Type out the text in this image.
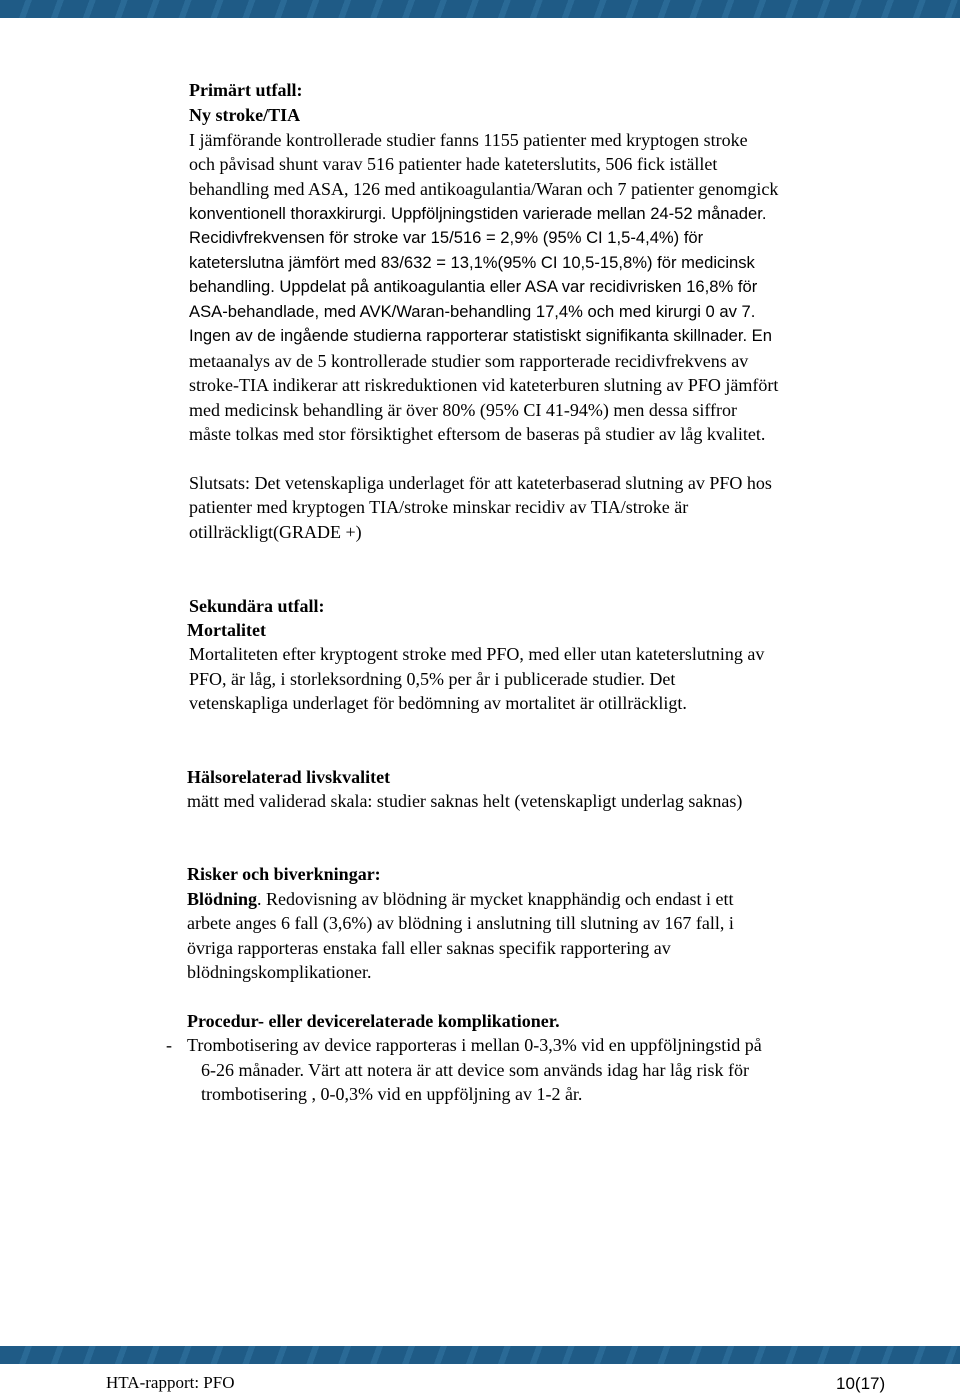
Primärt utfall:
Ny stroke/TIA
I jämförande kontrollerade studier fanns 1155 patienter med kryptogen stroke
och påvisad shunt varav 516 patienter hade kateterslutits, 506 fick istället
behandling med ASA, 126 med antikoagulantia/Waran och 7 patienter genomgick
konventionell thoraxkirurgi. Uppföljningstiden varierade mellan 24-52 månader.
Recidivfrekvensen för stroke var 15/516 = 2,9% (95% CI 1,5-4,4%) för
kateterslutna jämfört med 83/632 = 13,1%(95% CI 10,5-15,8%) för medicinsk
behandling. Uppdelat på antikoagulantia eller ASA var recidivrisken 16,8% för
ASA-behandlade, med AVK/Waran-behandling 17,4% och med kirurgi 0 av 7.
Ingen av de ingående studierna rapporterar statistiskt signifikanta skillnader. En
metaanalys av de 5 kontrollerade studier som rapporterade recidivfrekvens av
stroke-TIA indikerar att riskreduktionen vid kateterburen slutning av PFO jämfört
med medicinsk behandling är över 80% (95% CI 41-94%) men dessa siffror
måste tolkas med stor försiktighet eftersom de baseras på studier av låg kvalitet.
Slutsats: Det vetenskapliga underlaget för att kateterbaserad slutning av PFO hos
patienter med kryptogen TIA/stroke minskar recidiv av TIA/stroke är
otillräckligt(GRADE +)
Sekundära utfall:
Mortalitet
Mortaliteten efter kryptogent stroke med PFO, med eller utan kateterslutning av
PFO, är låg, i storleksordning 0,5% per år i publicerade studier. Det
vetenskapliga underlaget för bedömning av mortalitet är otillräckligt.
Hälsorelaterad livskvalitet
mätt med validerad skala: studier saknas helt (vetenskapligt underlag saknas)
Risker och biverkningar:
Blödning. Redovisning av blödning är mycket knapphändig och endast i ett
arbete anges 6 fall (3,6%) av blödning i anslutning till slutning av 167 fall, i
övriga rapporteras enstaka fall eller saknas specifik rapportering av
blödningskomplikationer.
Procedur- eller devicerelaterade komplikationer.
- Trombotisering av device rapporteras i mellan 0-3,3% vid en uppföljningstid på
6-26 månader. Värt att notera är att device som används idag har låg risk för
trombotisering , 0-0,3% vid en uppföljning av 1-2 år.
HTA-rapport: PFO	10(17)
